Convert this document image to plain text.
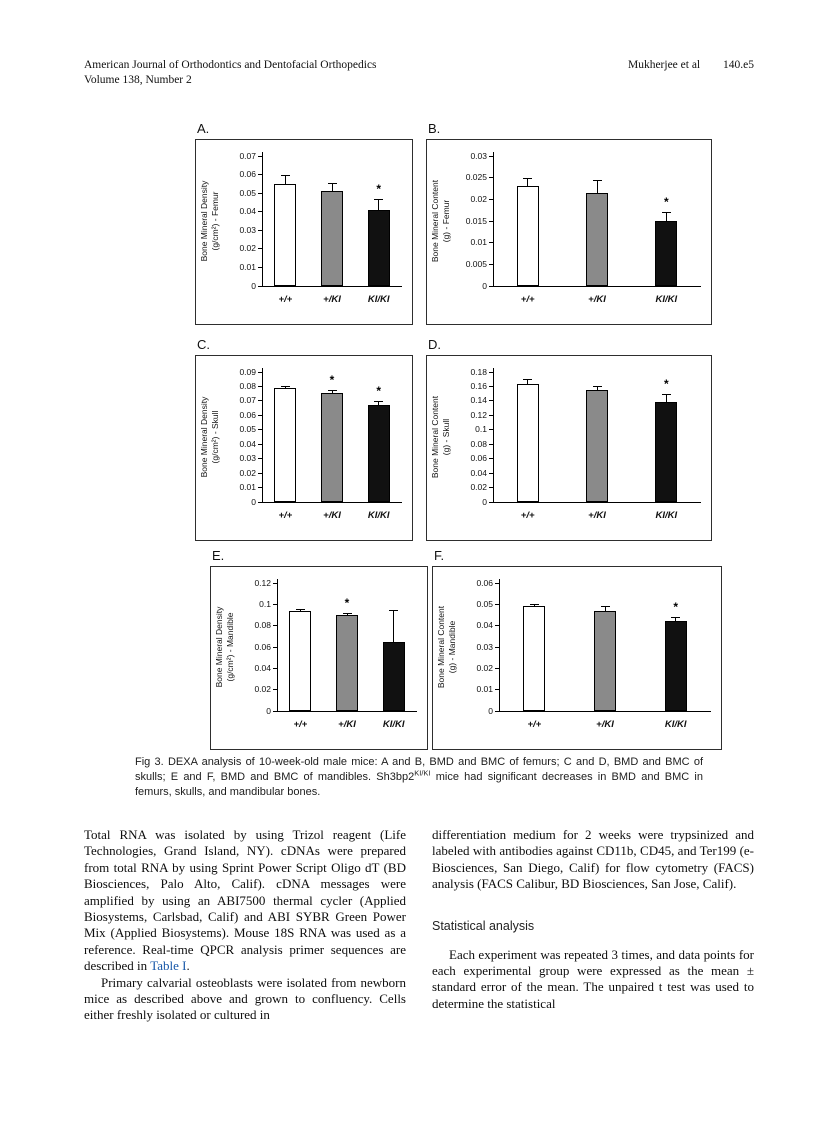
American Journal of Orthodontics and Dentofacial Orthopedics
Volume 138, Number 2
Mukherjee et al 140.e5
A.
Bone Mineral Density (g/cm²) - Femur
0
0.01
0.02
0.03
0.04
0.05
0.06
0.07
+/+	+/KI
*
KI/KI
B.
Bone Mineral Content (g) - Femur
0
0.005
0.01
0.015
0.02
0.025
0.03
+/+	+/KI
*
KI/KI
C.
Bone Mineral Density (g/cm²) - Skull
0
0.01
0.02
0.03
0.04
0.05
0.06
0.07
0.08
0.09
+/+
*
+/KI
*
KI/KI
D.
Bone Mineral Content (g) - Skull
0
0.02
0.04
0.06
0.08
0.1
0.12
0.14
0.16
0.18
+/+	+/KI
*
KI/KI
E.
Bone Mineral Density (g/cm²) - Mandible
0
0.02
0.04
0.06
0.08
0.1
0.12
+/+
*
+/KI	KI/KI
F.
Bone Mineral Content (g) - Mandible
0
0.01
0.02
0.03
0.04
0.05
0.06
+/+	+/KI
*
KI/KI
Fig 3. DEXA analysis of 10-week-old male mice: A and B, BMD and BMC of femurs; C and D, BMD and BMC of skulls; E and F, BMD and BMC of mandibles. $Sh3bp2^{KI/KI}$ mice had significant decreases in BMD and BMC in femurs, skulls, and mandibular bones.

Total RNA was isolated by using Trizol reagent (Life Technologies, Grand Island, NY). cDNAs were prepared from total RNA by using Sprint Power Script Oligo dT (BD Biosciences, Palo Alto, Calif). cDNA messages were amplified by using an ABI7500 thermal cycler (Applied Biosystems, Carlsbad, Calif) and ABI SYBR Green Power Mix (Applied Biosystems). Mouse 18S RNA was used as a reference. Real-time QPCR analysis primer sequences are described in Table I.

Primary calvarial osteoblasts were isolated from newborn mice as described above and grown to confluency. Cells either freshly isolated or cultured in

differentiation medium for 2 weeks were trypsinized and labeled with antibodies against CD11b, CD45, and Ter199 (e-Biosciences, San Diego, Calif) for flow cytometry (FACS) analysis (FACS Calibur, BD Biosciences, San Jose, Calif).

Statistical analysis

Each experiment was repeated 3 times, and data points for each experimental group were expressed as the mean ± standard error of the mean. The unpaired t test was used to determine the statistical
